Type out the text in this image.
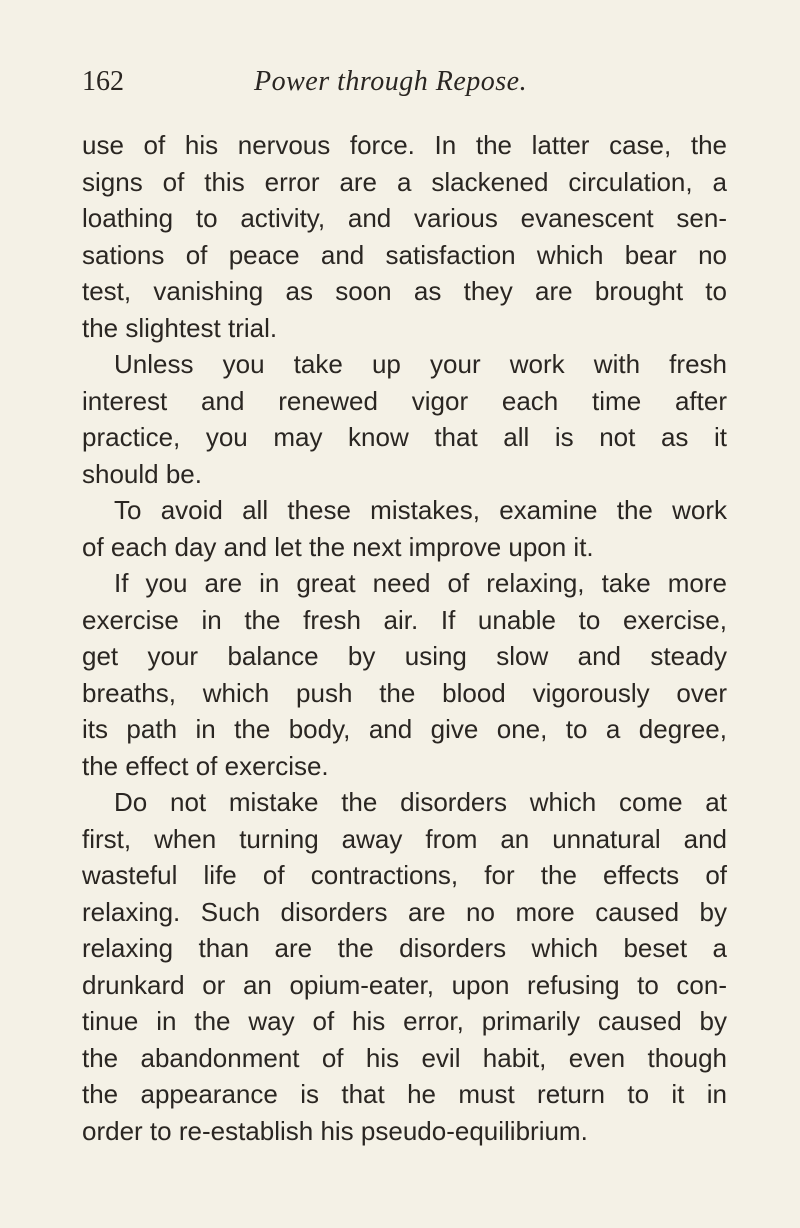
162	Power through Repose.
use of his nervous force. In the latter case, the
signs of this error are a slackened circulation, a
loathing to activity, and various evanescent sen-
sations of peace and satisfaction which bear no
test, vanishing as soon as they are brought to
the slightest trial.
Unless you take up your work with fresh
interest and renewed vigor each time after
practice, you may know that all is not as it
should be.
To avoid all these mistakes, examine the work
of each day and let the next improve upon it.
If you are in great need of relaxing, take more
exercise in the fresh air. If unable to exercise,
get your balance by using slow and steady
breaths, which push the blood vigorously over
its path in the body, and give one, to a degree,
the effect of exercise.
Do not mistake the disorders which come at
first, when turning away from an unnatural and
wasteful life of contractions, for the effects of
relaxing. Such disorders are no more caused by
relaxing than are the disorders which beset a
drunkard or an opium-eater, upon refusing to con-
tinue in the way of his error, primarily caused by
the abandonment of his evil habit, even though
the appearance is that he must return to it in
order to re-establish his pseudo-equilibrium.
